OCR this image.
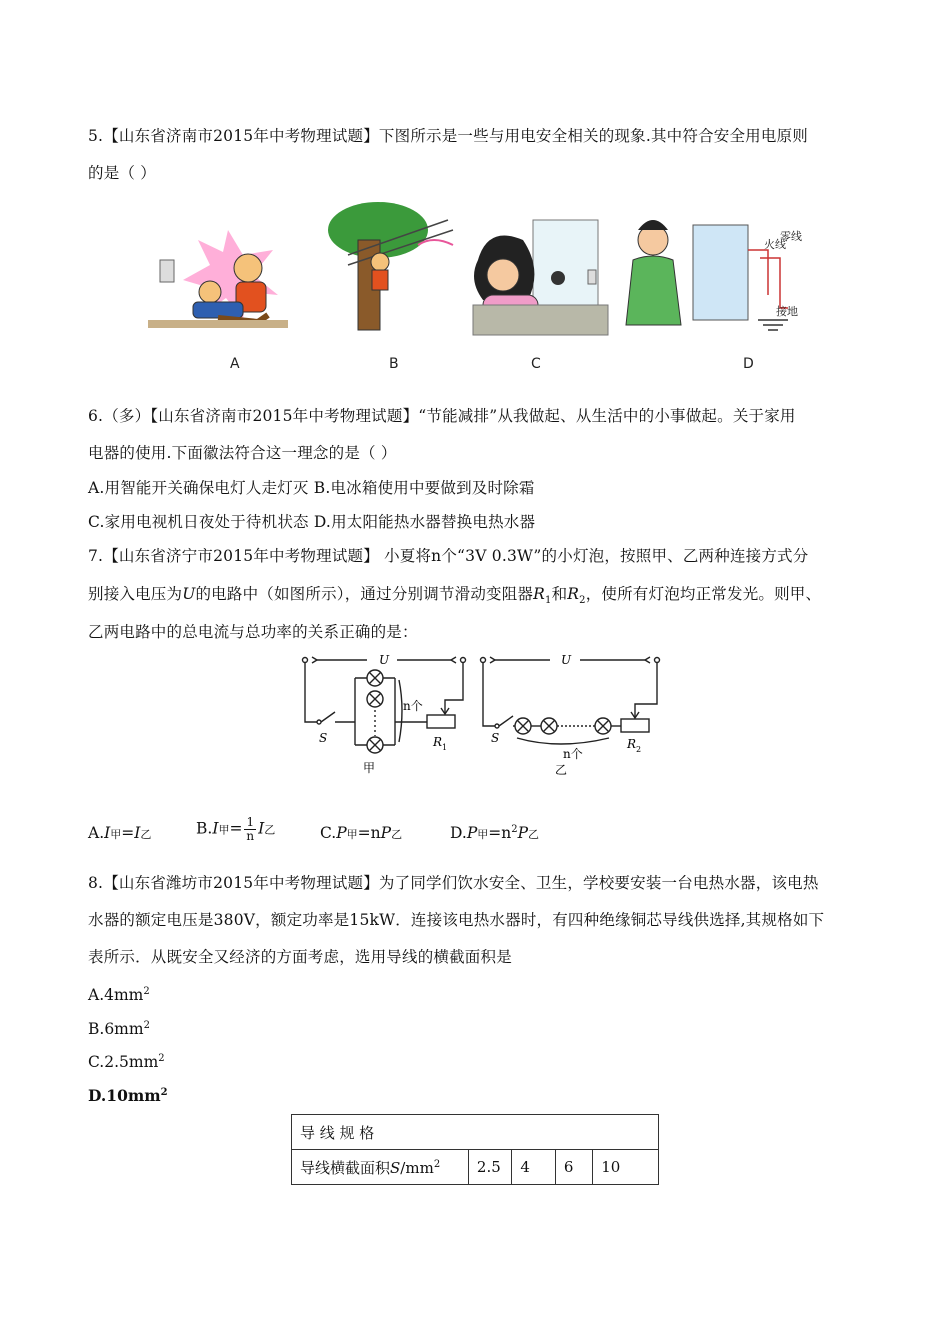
5.【山东省济南市2015年中考物理试题】下图所示是一些与用电安全相关的现象.其中符合安全用电原则
的是（ ）
火线
零线
接地
A	B	C	D
6.（多）【山东省济南市2015年中考物理试题】“节能减排”从我做起、从生活中的小事做起。关于家用
电器的使用.下面徽法符合这一理念的是（ ）
A.用智能开关确保电灯人走灯灭 B.电冰箱使用中要做到及时除霜
C.家用电视机日夜处于待机状态 D.用太阳能热水器替换电热水器
7.【山东省济宁市2015年中考物理试题】 小夏将n个“3V 0.3W”的小灯泡，按照甲、乙两种连接方式分
别接入电压为U的电路中（如图所示），通过分别调节滑动变阻器$R_1$和$R_2$，使所有灯泡均正常发光。则甲、
乙两电路中的总电流与总功率的关系正确的是：
U	U
S	S
n个
n个
R 1	R 2
甲	乙
A.I甲=I乙	B.I甲= $\frac{1}{n}$ I乙	C.P甲=nP乙	D.P甲$=n^2P$乙
8.【山东省潍坊市2015年中考物理试题】为了同学们饮水安全、卫生，学校要安装一台电热水器，该电热
水器的额定电压是380V，额定功率是15kW．连接该电热水器时，有四种绝缘铜芯导线供选择,其规格如下
表所示．从既安全又经济的方面考虑，选用导线的横截面积是
$A.4mm^2$
$B.6mm^2$
$C.2.5mm^2$
$D.10mm^2$
导 线 规 格
导线横截面积$S/mm^2$	2.5	4	6	10
